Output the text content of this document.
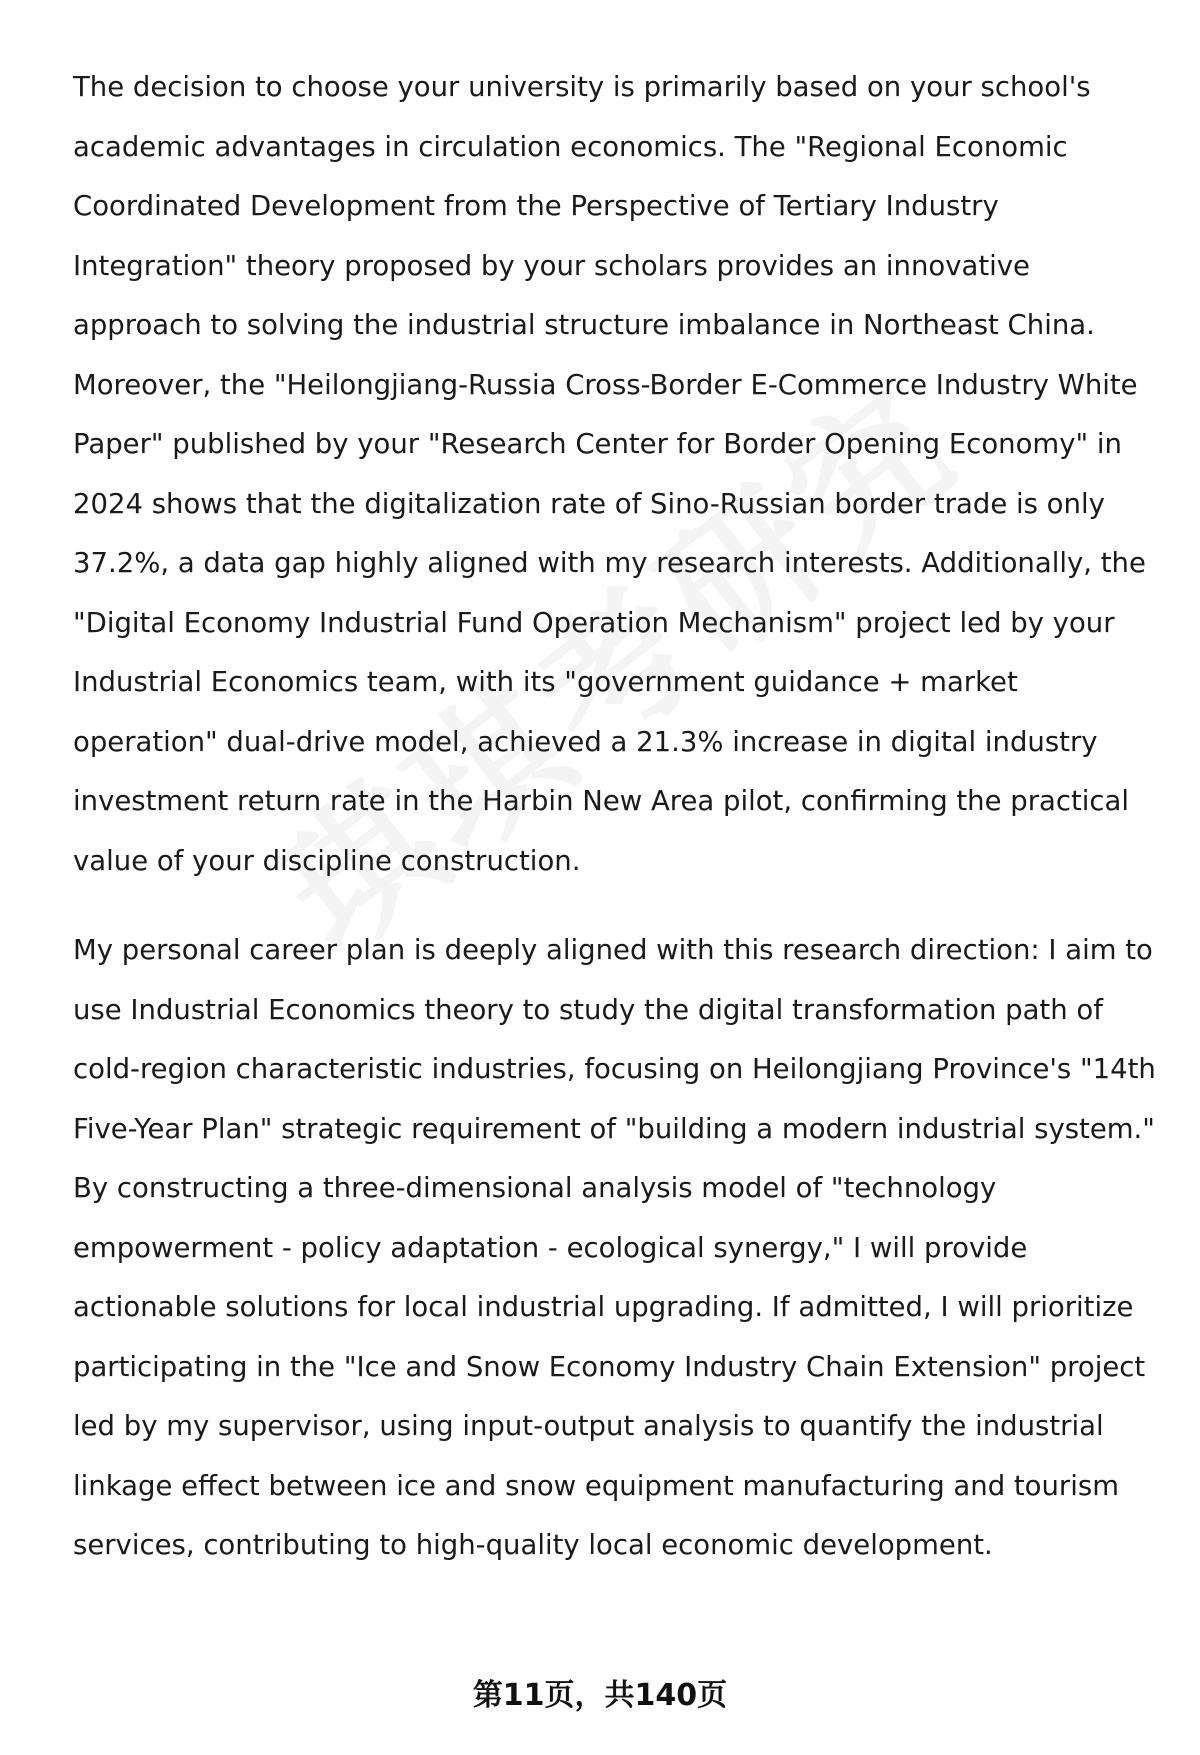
The decision to choose your university is primarily based on your school's academic advantages in circulation economics. The "Regional Economic Coordinated Development from the Perspective of Tertiary Industry Integration" theory proposed by your scholars provides an innovative approach to solving the industrial structure imbalance in Northeast China. Moreover, the "Heilongjiang-Russia Cross-Border E-Commerce Industry White Paper" published by your "Research Center for Border Opening Economy" in 2024 shows that the digitalization rate of Sino-Russian border trade is only 37.2%, a data gap highly aligned with my research interests. Additionally, the "Digital Economy Industrial Fund Operation Mechanism" project led by your Industrial Economics team, with its "government guidance + market operation" dual-drive model, achieved a 21.3% increase in digital industry investment return rate in the Harbin New Area pilot, confirming the practical value of your discipline construction.

My personal career plan is deeply aligned with this research direction: I aim to use Industrial Economics theory to study the digital transformation path of cold-region characteristic industries, focusing on Heilongjiang Province's "14th Five-Year Plan" strategic requirement of "building a modern industrial system." By constructing a three-dimensional analysis model of "technology empowerment - policy adaptation - ecological synergy," I will provide actionable solutions for local industrial upgrading. If admitted, I will prioritize participating in the "Ice and Snow Economy Industry Chain Extension" project led by my supervisor, using input-output analysis to quantify the industrial linkage effect between ice and snow equipment manufacturing and tourism services, contributing to high-quality local economic development.

第11页，共140页
